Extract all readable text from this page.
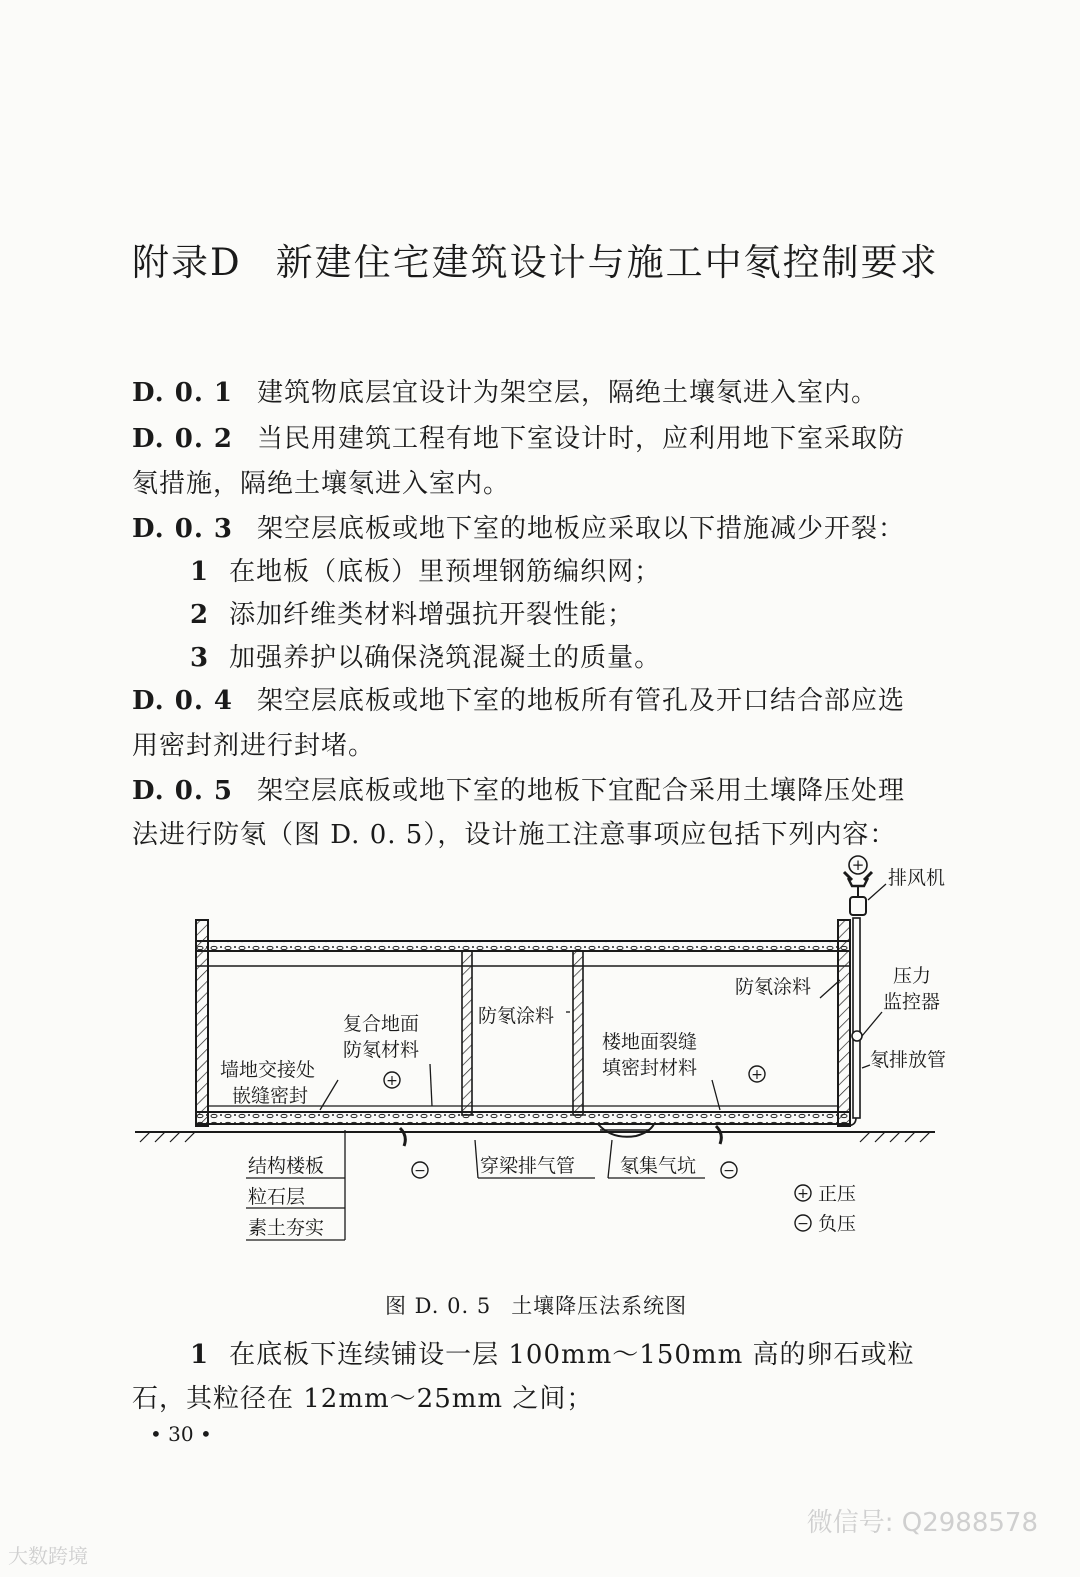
附录D 新建住宅建筑设计与施工中氡控制要求
D. 0. 1 建筑物底层宜设计为架空层，隔绝土壤氡进入室内。
D. 0. 2 当民用建筑工程有地下室设计时，应利用地下室采取防
氡措施，隔绝土壤氡进入室内。
D. 0. 3 架空层底板或地下室的地板应采取以下措施减少开裂：
1 在地板（底板）里预埋钢筋编织网；
2 添加纤维类材料增强抗开裂性能；
3 加强养护以确保浇筑混凝土的质量。
D. 0. 4 架空层底板或地下室的地板所有管孔及开口结合部应选
用密封剂进行封堵。
D. 0. 5 架空层底板或地下室的地板下宜配合采用土壤降压处理
法进行防氡（图 D. 0. 5），设计施工注意事项应包括下列内容：
+
排风机
压力
监控器
氡排放管
防氡涂料
防氡涂料
楼地面裂缝
填密封材料
复合地面
防氡材料
墙地交接处
嵌缝密封
结构楼板
粒石层
素土夯实
穿梁排气管 氡集气坑
+	+
+
−	−
−
正压
负压
图 D. 0. 5 土壤降压法系统图
1 在底板下连续铺设一层 100mm～150mm 高的卵石或粒
石，其粒径在 12mm～25mm 之间；
• 30 •
微信号: Q2988578
大数跨境
